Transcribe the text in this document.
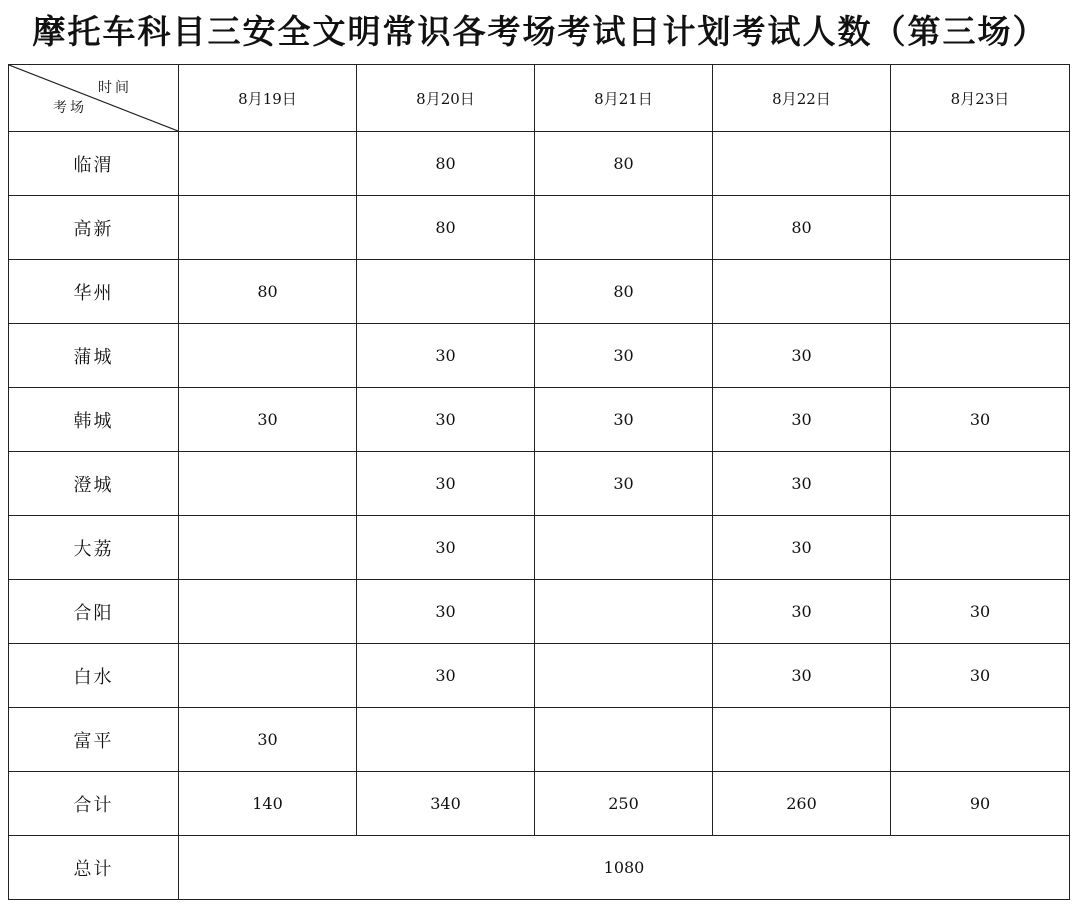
摩托车科目三安全文明常识各考场考试日计划考试人数（第三场）
时间
考场	8月19日	8月20日	8月21日	8月22日	8月23日
临渭		80	80		
高新		80		80	
华州	80		80		
蒲城		30	30	30	
韩城	30	30	30	30	30
澄城		30	30	30	
大荔		30		30	
合阳		30		30	30
白水		30		30	30
富平	30				
合计	140	340	250	260	90
总计	1080				
